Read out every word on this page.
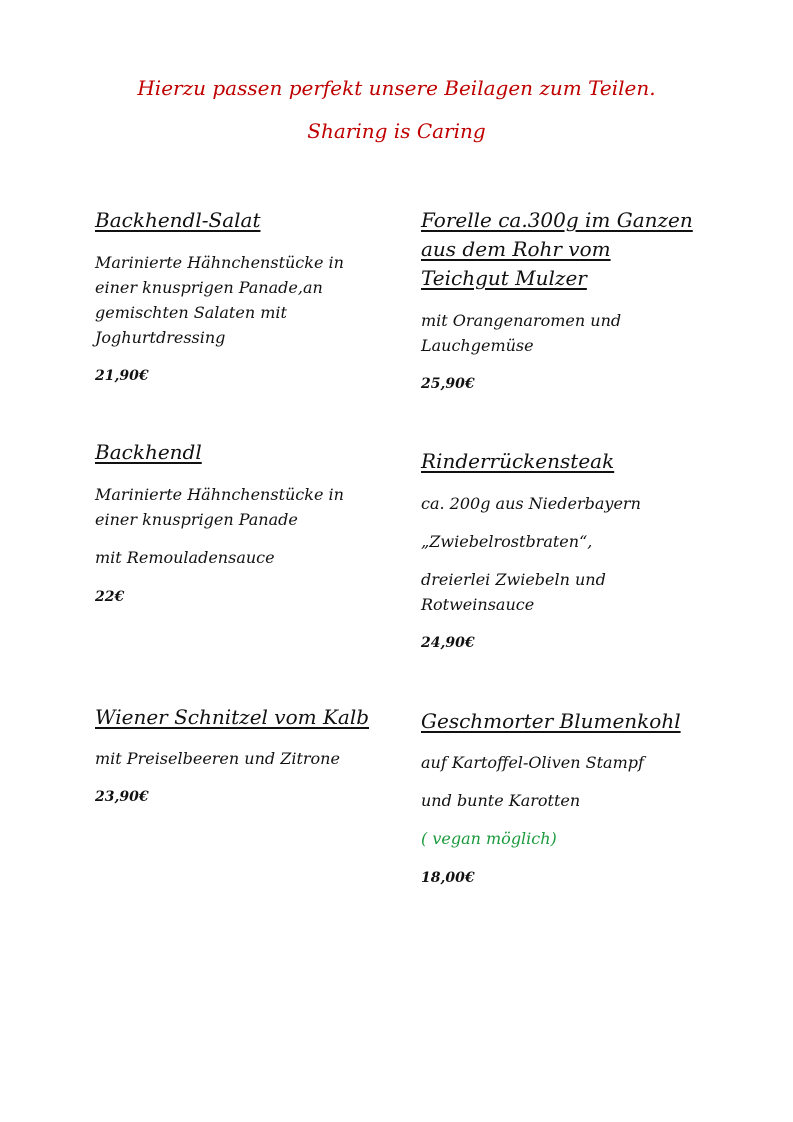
Hierzu passen perfekt unsere Beilagen zum Teilen.
Sharing is Caring
Backhendl-Salat
Marinierte Hähnchenstücke in
einer knusprigen Panade,an
gemischten Salaten mit
Joghurtdressing
21,90€
Backhendl
Marinierte Hähnchenstücke in
einer knusprigen Panade
mit Remouladensauce
22€
Wiener Schnitzel vom Kalb
mit Preiselbeeren und Zitrone
23,90€
Forelle ca.300g im Ganzen
aus dem Rohr vom
Teichgut Mulzer
mit Orangenaromen und
Lauchgemüse
25,90€
Rinderrückensteak
ca. 200g aus Niederbayern
„Zwiebelrostbraten“,
dreierlei Zwiebeln und
Rotweinsauce
24,90€
Geschmorter Blumenkohl
auf Kartoffel-Oliven Stampf
und bunte Karotten
( vegan möglich)
18,00€
